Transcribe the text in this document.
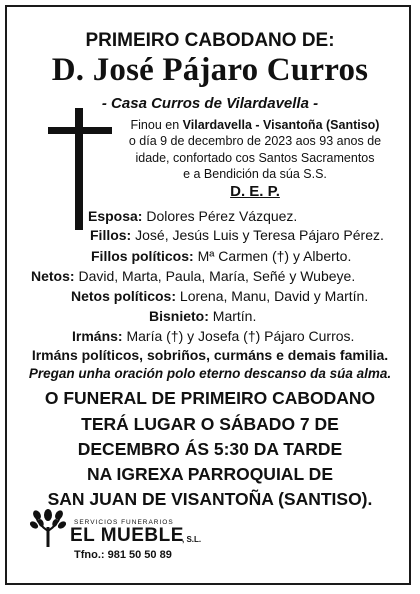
PRIMEIRO CABODANO DE:
D. José Pájaro Curros
- Casa Curros de Vilardavella -
Finou en Vilardavella - Visantoña (Santiso)
o día 9 de decembro de 2023 aos 93 anos de
idade, confortado cos Santos Sacramentos
e a Bendición da súa S.S.
D. E. P.
Esposa: Dolores Pérez Vázquez.
Fillos: José, Jesús Luis y Teresa Pájaro Pérez.
Fillos políticos: Mª Carmen (†) y Alberto.
Netos: David, Marta, Paula, María, Señé y Wubeye.
Netos políticos: Lorena, Manu, David y Martín.
Bisnieto: Martín.
Irmáns: María (†) y Josefa (†) Pájaro Curros.
Irmáns políticos, sobriños, curmáns e demais familia.
Pregan unha oración polo eterno descanso da súa alma.
O FUNERAL DE PRIMEIRO CABODANO
TERÁ LUGAR O SÁBADO 7 DE
DECEMBRO ÁS 5:30 DA TARDE
NA IGREXA PARROQUIAL DE
SAN JUAN DE VISANTOÑA (SANTISO).
SERVICIOS FUNERARIOS
EL MUEBLE
, S.L.
Tfno.: 981 50 50 89
